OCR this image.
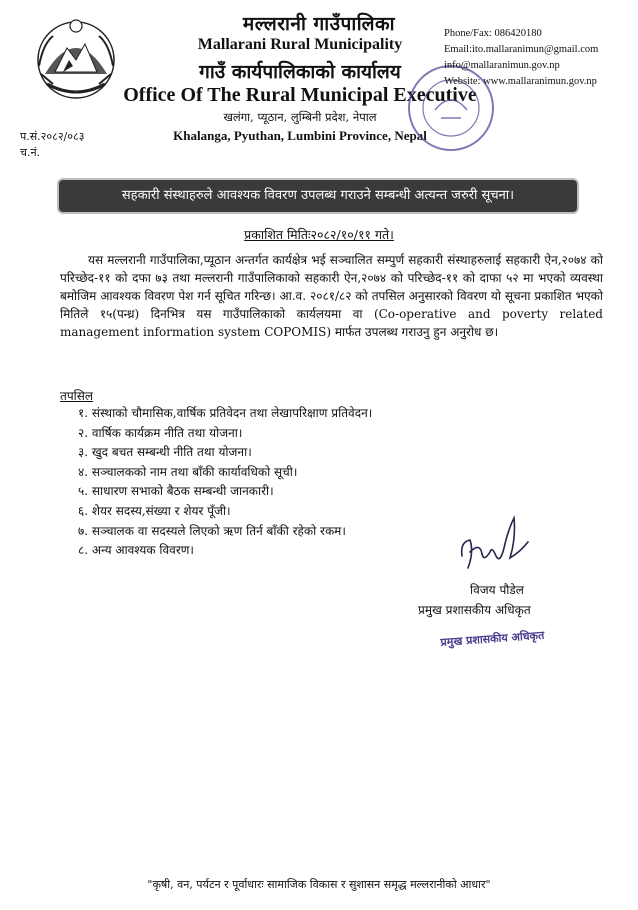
मल्लरानी गाउँपालिका
Mallarani Rural Municipality
गाउँ कार्यपालिकाको कार्यालय
Office Of The Rural Municipal Executive
खलंगा, प्यूठान, लुम्बिनी प्रदेश, नेपाल
Khalanga, Pyuthan, Lumbini Province, Nepal
Phone/Fax: 086420180
Email:ito.mallaranimun@gmail.com
info@mallaranimun.gov.np
Website: www.mallaranimun.gov.np
प.सं.२०८२/०८३
च.नं.
सहकारी संस्थाहरुले आवश्यक विवरण उपलब्ध गराउने सम्बन्धी अत्यन्त जरुरी सूचना।
प्रकाशित मितिः२०८२/१०/११ गते।
यस मल्लरानी गाउँपालिका,प्यूठान अन्तर्गत कार्यक्षेत्र भई सञ्चालित सम्पुर्ण सहकारी संस्थाहरुलाई सहकारी ऐन,२०७४ को परिच्छेद-११ को दफा ७३ तथा मल्लरानी गाउँपालिकाको सहकारी ऐन,२०७४ को परिच्छेद-११ को दाफा ५२ मा भएको व्यवस्था बमोजिम आवश्यक विवरण पेश गर्न सूचित गरिन्छ। आ.व. २०८१/८२ को तपसिल अनुसारको विवरण यो सूचना प्रकाशित भएको मितिले १५(पन्ध्र) दिनभित्र यस गाउँपालिकाको कार्यलयमा वा (Co-operative and poverty related management information system COPOMIS) मार्फत उपलब्ध गराउनु हुन अनुरोध छ।
तपसिल
१. संस्थाको चौमासिक,वार्षिक प्रतिवेदन तथा लेखापरिक्षाण प्रतिवेदन।
२. वार्षिक कार्यक्रम नीति तथा योजना।
३. खुद बचत सम्बन्धी नीति तथा योजना।
४. सञ्चालकको नाम तथा बाँकी कार्यावधिको सूची।
५. साधारण सभाको बैठक सम्बन्धी जानकारी।
६. शेयर सदस्य,संख्या र शेयर पूँजी।
७. सञ्चालक वा सदस्यले लिएको ऋण तिर्न बाँकी रहेको रकम।
८. अन्य आवश्यक विवरण।
विजय पौडेल
प्रमुख प्रशासकीय अधिकृत
प्रमुख प्रशासकीय अधिकृत
"कृषी, वन, पर्यटन र पूर्वाधारः सामाजिक विकास र सुशासन समृद्ध मल्लरानीको आधार"
